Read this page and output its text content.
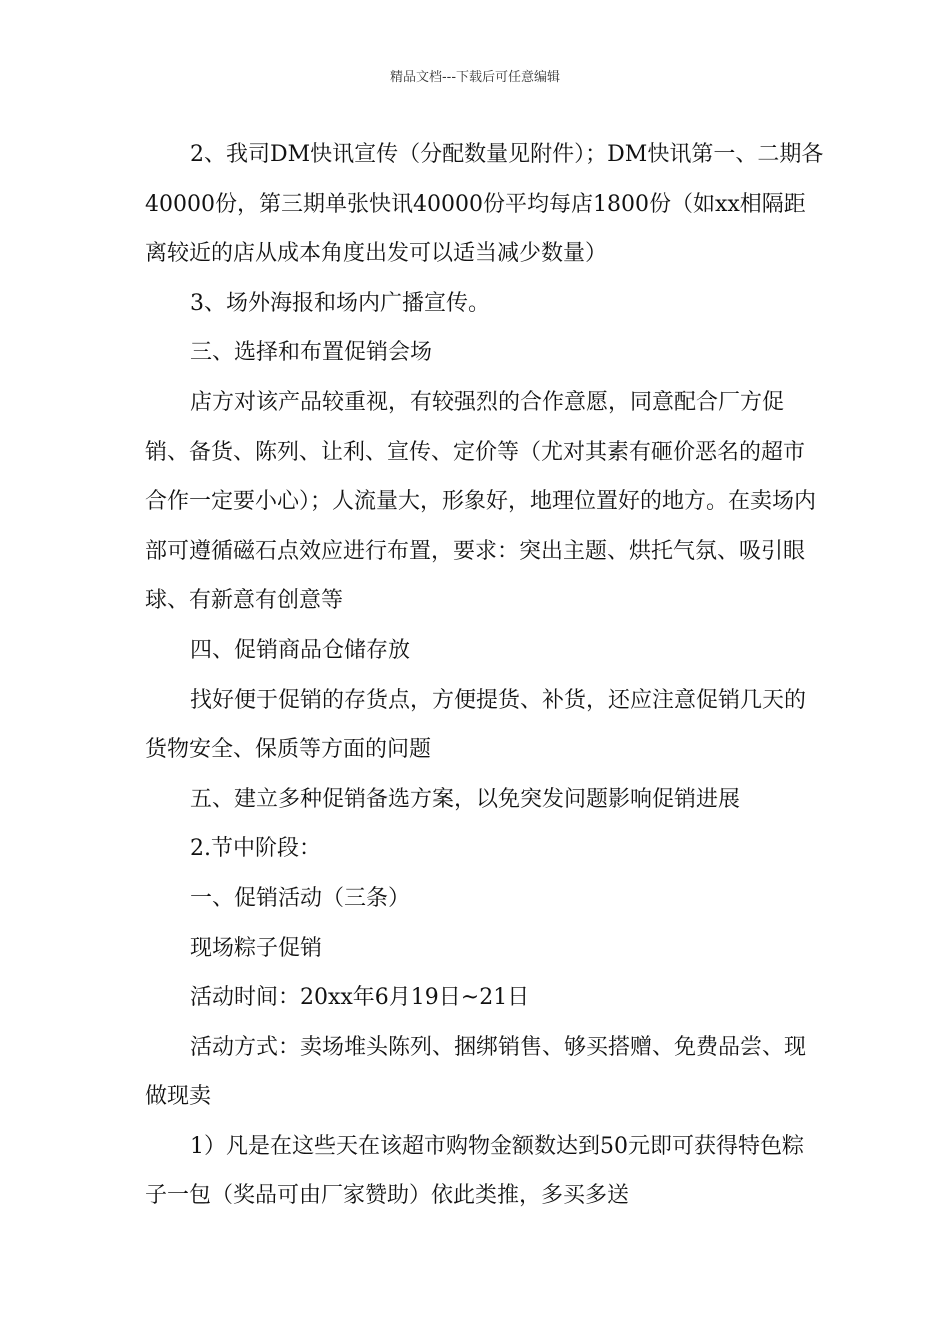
精品文档---下载后可任意编辑

2、我司DM快讯宣传（分配数量见附件）；DM快讯第一、二期各40000份，第三期单张快讯40000份平均每店1800份（如xx相隔距离较近的店从成本角度出发可以适当减少数量）

3、场外海报和场内广播宣传。

三、选择和布置促销会场

店方对该产品较重视，有较强烈的合作意愿，同意配合厂方促销、备货、陈列、让利、宣传、定价等（尤对其素有砸价恶名的超市合作一定要小心）；人流量大，形象好，地理位置好的地方。在卖场内部可遵循磁石点效应进行布置，要求：突出主题、烘托气氛、吸引眼球、有新意有创意等

四、促销商品仓储存放

找好便于促销的存货点，方便提货、补货，还应注意促销几天的货物安全、保质等方面的问题

五、建立多种促销备选方案，以免突发问题影响促销进展

2.节中阶段：

一、促销活动（三条）

现场粽子促销

活动时间：20xx年6月19日~21日

活动方式：卖场堆头陈列、捆绑销售、够买搭赠、免费品尝、现做现卖

1）凡是在这些天在该超市购物金额数达到50元即可获得特色粽子一包（奖品可由厂家赞助）依此类推，多买多送
